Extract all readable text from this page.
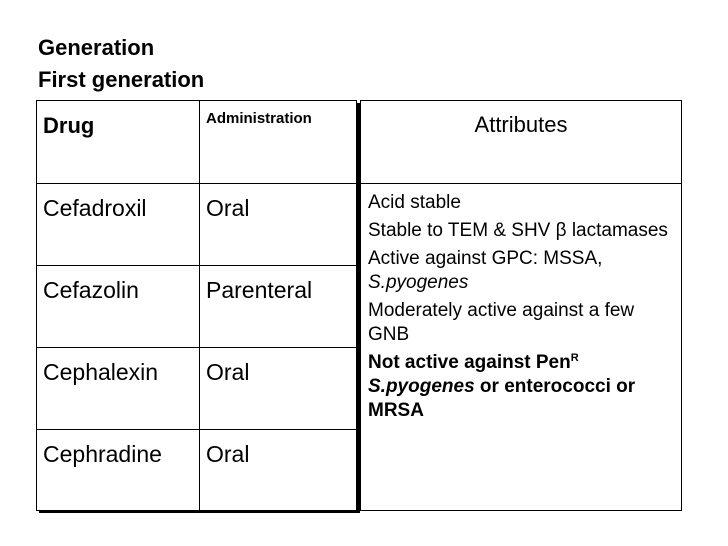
Generation
First generation
Drug	Administration
Cefadroxil	Oral
Cefazolin	Parenteral
Cephalexin Oral
Cephradine Oral
Attributes
Acid stable
Stable to TEM & SHV β lactamases
Active against GPC: MSSA,
S.pyogenes
Moderately active against a few GNB
Not active against Pen$^R$
S.pyogenes or enterococci or MRSA
